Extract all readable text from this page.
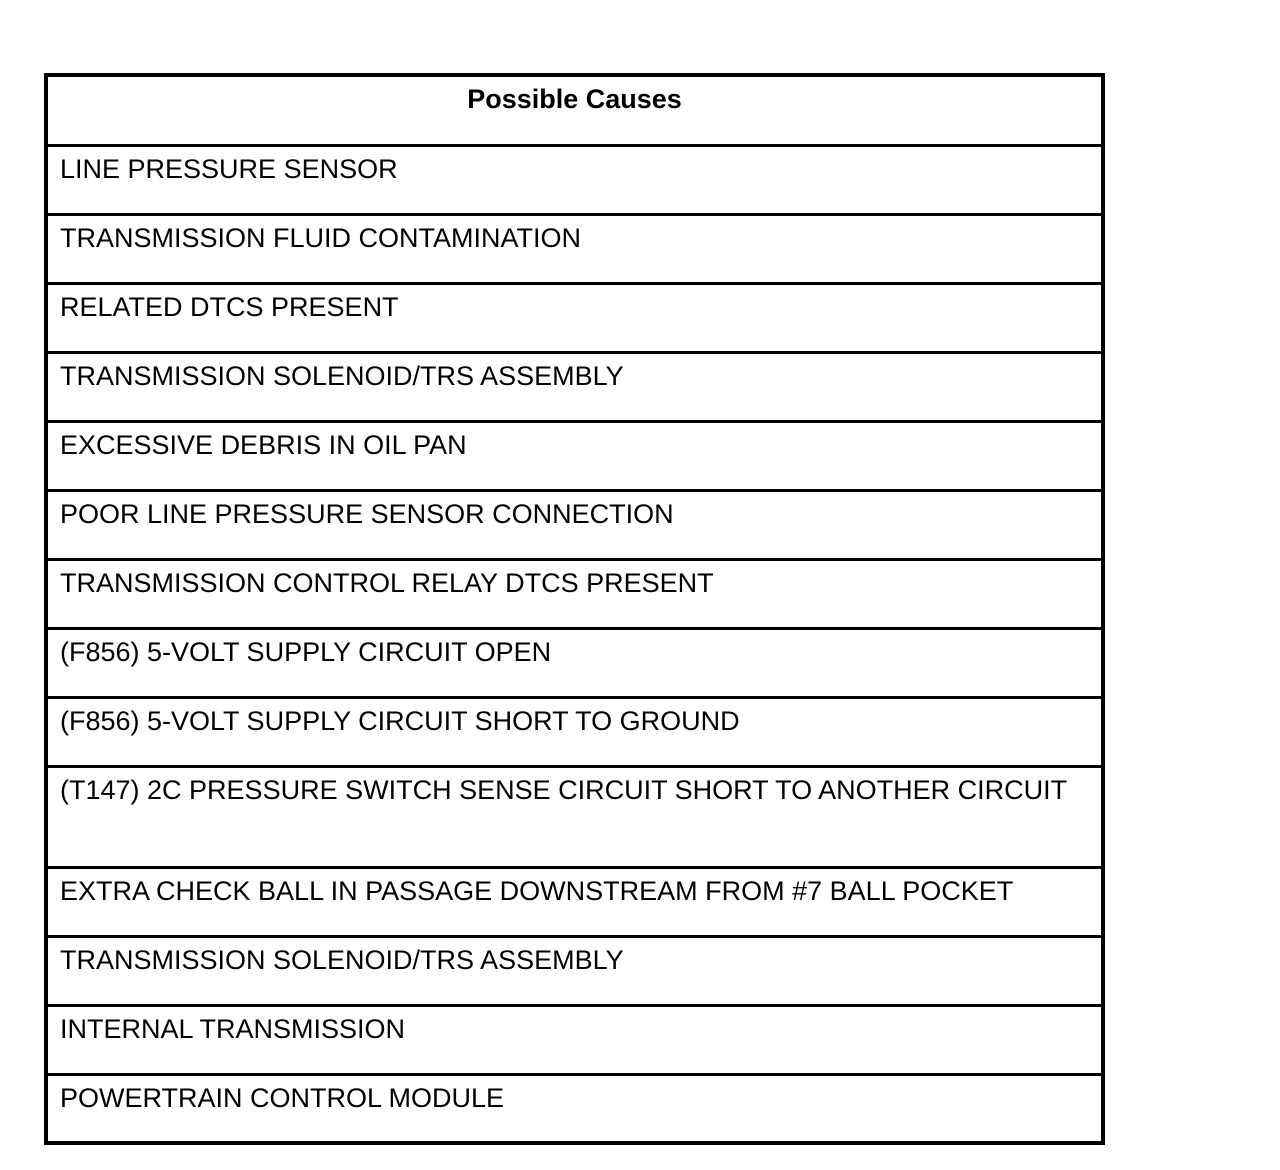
Possible Causes
LINE PRESSURE SENSOR
TRANSMISSION FLUID CONTAMINATION
RELATED DTCS PRESENT
TRANSMISSION SOLENOID/TRS ASSEMBLY
EXCESSIVE DEBRIS IN OIL PAN
POOR LINE PRESSURE SENSOR CONNECTION
TRANSMISSION CONTROL RELAY DTCS PRESENT
(F856) 5-VOLT SUPPLY CIRCUIT OPEN
(F856) 5-VOLT SUPPLY CIRCUIT SHORT TO GROUND
(T147) 2C PRESSURE SWITCH SENSE CIRCUIT SHORT TO ANOTHER CIRCUIT
EXTRA CHECK BALL IN PASSAGE DOWNSTREAM FROM #7 BALL POCKET
TRANSMISSION SOLENOID/TRS ASSEMBLY
INTERNAL TRANSMISSION
POWERTRAIN CONTROL MODULE
